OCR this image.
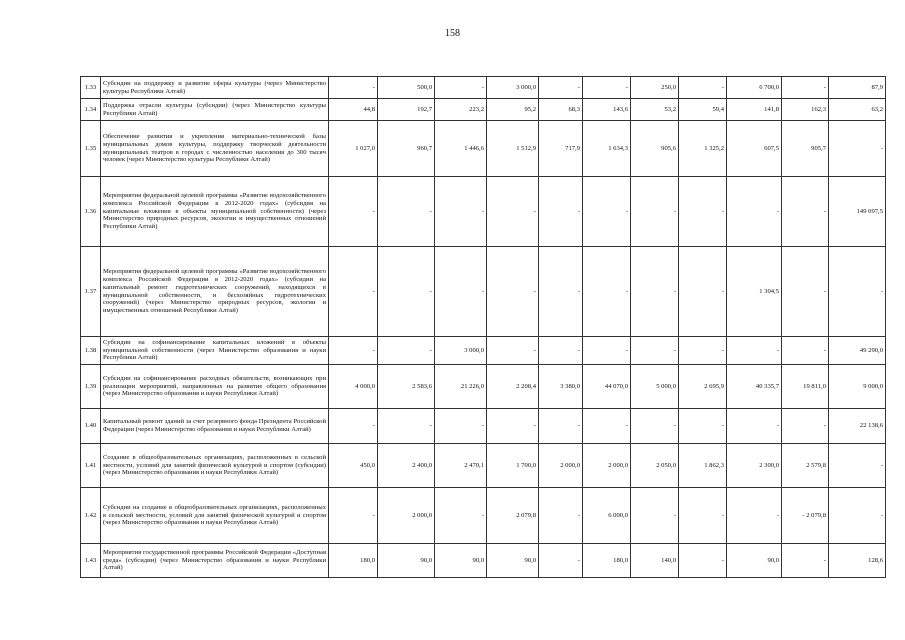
158
1.33	Субсидии на поддержку и развитие сферы культуры (через Министерство культуры Республики Алтай)	-	500,0	-	3 000,0	-	-	250,0	-	6 700,0	-	87,9
1.34	Поддержка отрасли культуры (субсидии) (через Министерство культуры Республики Алтай)	44,8	192,7	223,2	95,2	68,3	143,6	53,2	59,4	141,8	162,3	63,2
1.35	Обеспечение развития и укрепления материально-технической базы муниципальных домов культуры, поддержку творческой деятельности муниципальных театров в городах с численностью населения до 300 тысяч человек (через Министерство культуры Республики Алтай)	1 027,0	960,7	1 446,6	1 512,9	717,9	1 634,3	905,6	1 325,2	607,5	905,7	-
1.36	Мероприятия федеральной целевой программы «Развитие водохозяйственного комплекса Российской Федерации в 2012-2020 годах» (субсидия на капитальные вложения в объекты муниципальной собственности) (через Министерство природных ресурсов, экологии и имущественных отношений Республики Алтай)	-	-	-	-	-	-	-	-	-	-	149 097,5
1.37	Мероприятия федеральной целевой программы «Развитие водохозяйственного комплекса Российской Федерации в 2012-2020 годах» (субсидии на капитальный ремонт гидротехнических сооружений, находящихся в муниципальной собственности, и бесхозяйных гидротехнических сооружений) (через Министерство природных ресурсов, экологии и имущественных отношений Республики Алтай)	-	-	-	-	-	-	-	-	1 304,5	-	-
1.38	Субсидии на софинансирование капитальных вложений в объекты муниципальной собственности (через Министерство образования и науки Республики Алтай)	-	-	3 000,0	-	-	-	-	-	-	-	49 290,0
1.39	Субсидии на софинансирование расходных обязательств, возникающих при реализации мероприятий, направленных на развитие общего образования (через Министерство образования и науки Республики Алтай)	4 000,0	2 583,6	21 226,0	2 208,4	3 380,0	44 070,0	5 000,0	2 695,9	40 335,7	19 811,0	9 000,0
1.40	Капитальный ремонт зданий за счет резервного фонда Президента Российской Федерации (через Министерство образования и науки Республики Алтай)	-	-	-	-	-	-	-	-	-	-	22 138,6
1.41	Создание в общеобразовательных организациях, расположенных в сельской местности, условий для занятий физической культурой и спортом (субсидии) (через Министерство образования и науки Республики Алтай)	450,0	2 400,0	2 470,1	1 700,0	2 000,0	2 000,0	2 050,0	1 862,3	2 300,0	2 579,8	-
1.42	Субсидии на создание в общеобразовательных организациях, расположенных в сельской местности, условий для занятий физической культурой и спортом (через Министерство образования и науки Республики Алтай)	-	2 000,0	-	2 079,8	-	6 000,0	-	-	-	- 2 079,8	-
1.43	Мероприятия государственной программы Российской Федерации «Доступная среда» (субсидии) (через Министерство образования и науки Республики Алтай)	180,0	90,0	90,0	90,0	-	180,0	140,0	-	90,0	-	128,6
